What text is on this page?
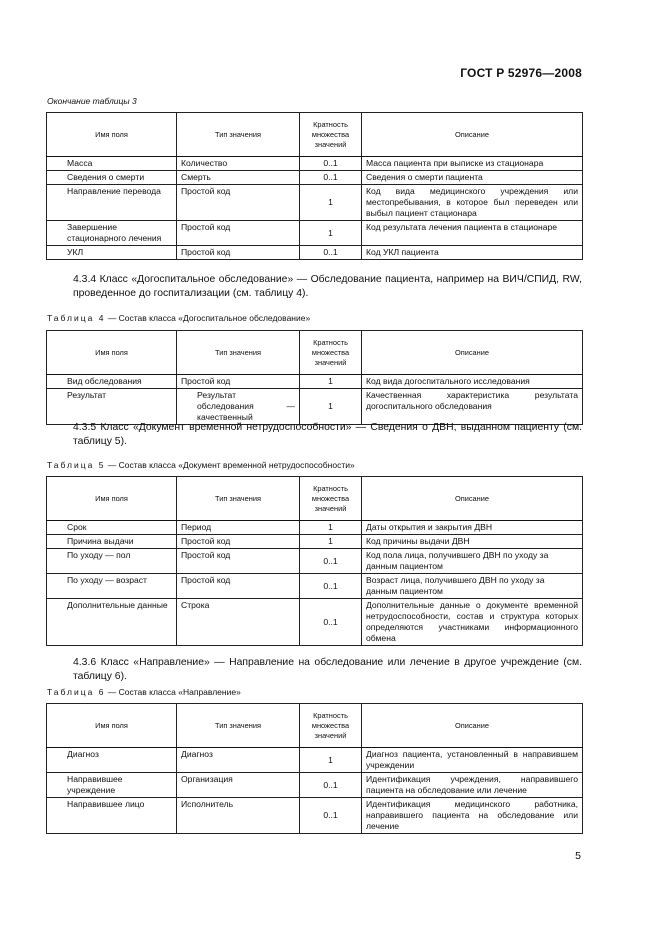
ГОСТ Р 52976—2008
Окончание таблицы 3
Имя поля	Тип значения	Кратность множества значений	Описание
Масса	Количество	0..1	Масса пациента при выписке из стационара
Сведения о смерти	Смерть	0..1	Сведения о смерти пациента
Направление перевода	Простой код	1	Код вида медицинского учреждения или местопребывания, в которое был переведен или выбыл пациент стационара
Завершение стационарного лечения	Простой код	1	Код результата лечения пациента в стационаре
УКЛ	Простой код	0..1	Код УКЛ пациента
4.3.4 Класс «Догоспитальное обследование» — Обследование пациента, например на ВИЧ/СПИД, RW, проведенное до госпитализации (см. таблицу 4).
Таблица 4 — Состав класса «Догоспитальное обследование»
Имя поля	Тип значения	Кратность множества значений	Описание
Вид обследования	Простой код	1	Код вида догоспитального исследования
Результат	Результат обследования — качественный	1	Качественная характеристика результата догоспитального обследования
4.3.5 Класс «Документ временной нетрудоспособности» — Сведения о ДВН, выданном пациенту (см. таблицу 5).
Таблица 5 — Состав класса «Документ временной нетрудоспособности»
Имя поля	Тип значения	Кратность множества значений	Описание
Срок	Период	1	Даты открытия и закрытия ДВН
Причина выдачи	Простой код	1	Код причины выдачи ДВН
По уходу — пол	Простой код	0..1	Код пола лица, получившего ДВН по уходу за данным пациентом
По уходу — возраст	Простой код	0..1	Возраст лица, получившего ДВН по уходу за данным пациентом
Дополнительные данные	Строка	0..1	Дополнительные данные о документе временной нетрудоспособности, состав и структура которых определяются участниками информационного обмена
4.3.6 Класс «Направление» — Направление на обследование или лечение в другое учреждение (см. таблицу 6).
Таблица 6 — Состав класса «Направление»
Имя поля	Тип значения	Кратность множества значений	Описание
Диагноз	Диагноз	1	Диагноз пациента, установленный в направившем учреждении
Направившее учреждение	Организация	0..1	Идентификация учреждения, направившего пациента на обследование или лечение
Направившее лицо	Исполнитель	0..1	Идентификация медицинского работника, направившего пациента на обследование или лечение
5
